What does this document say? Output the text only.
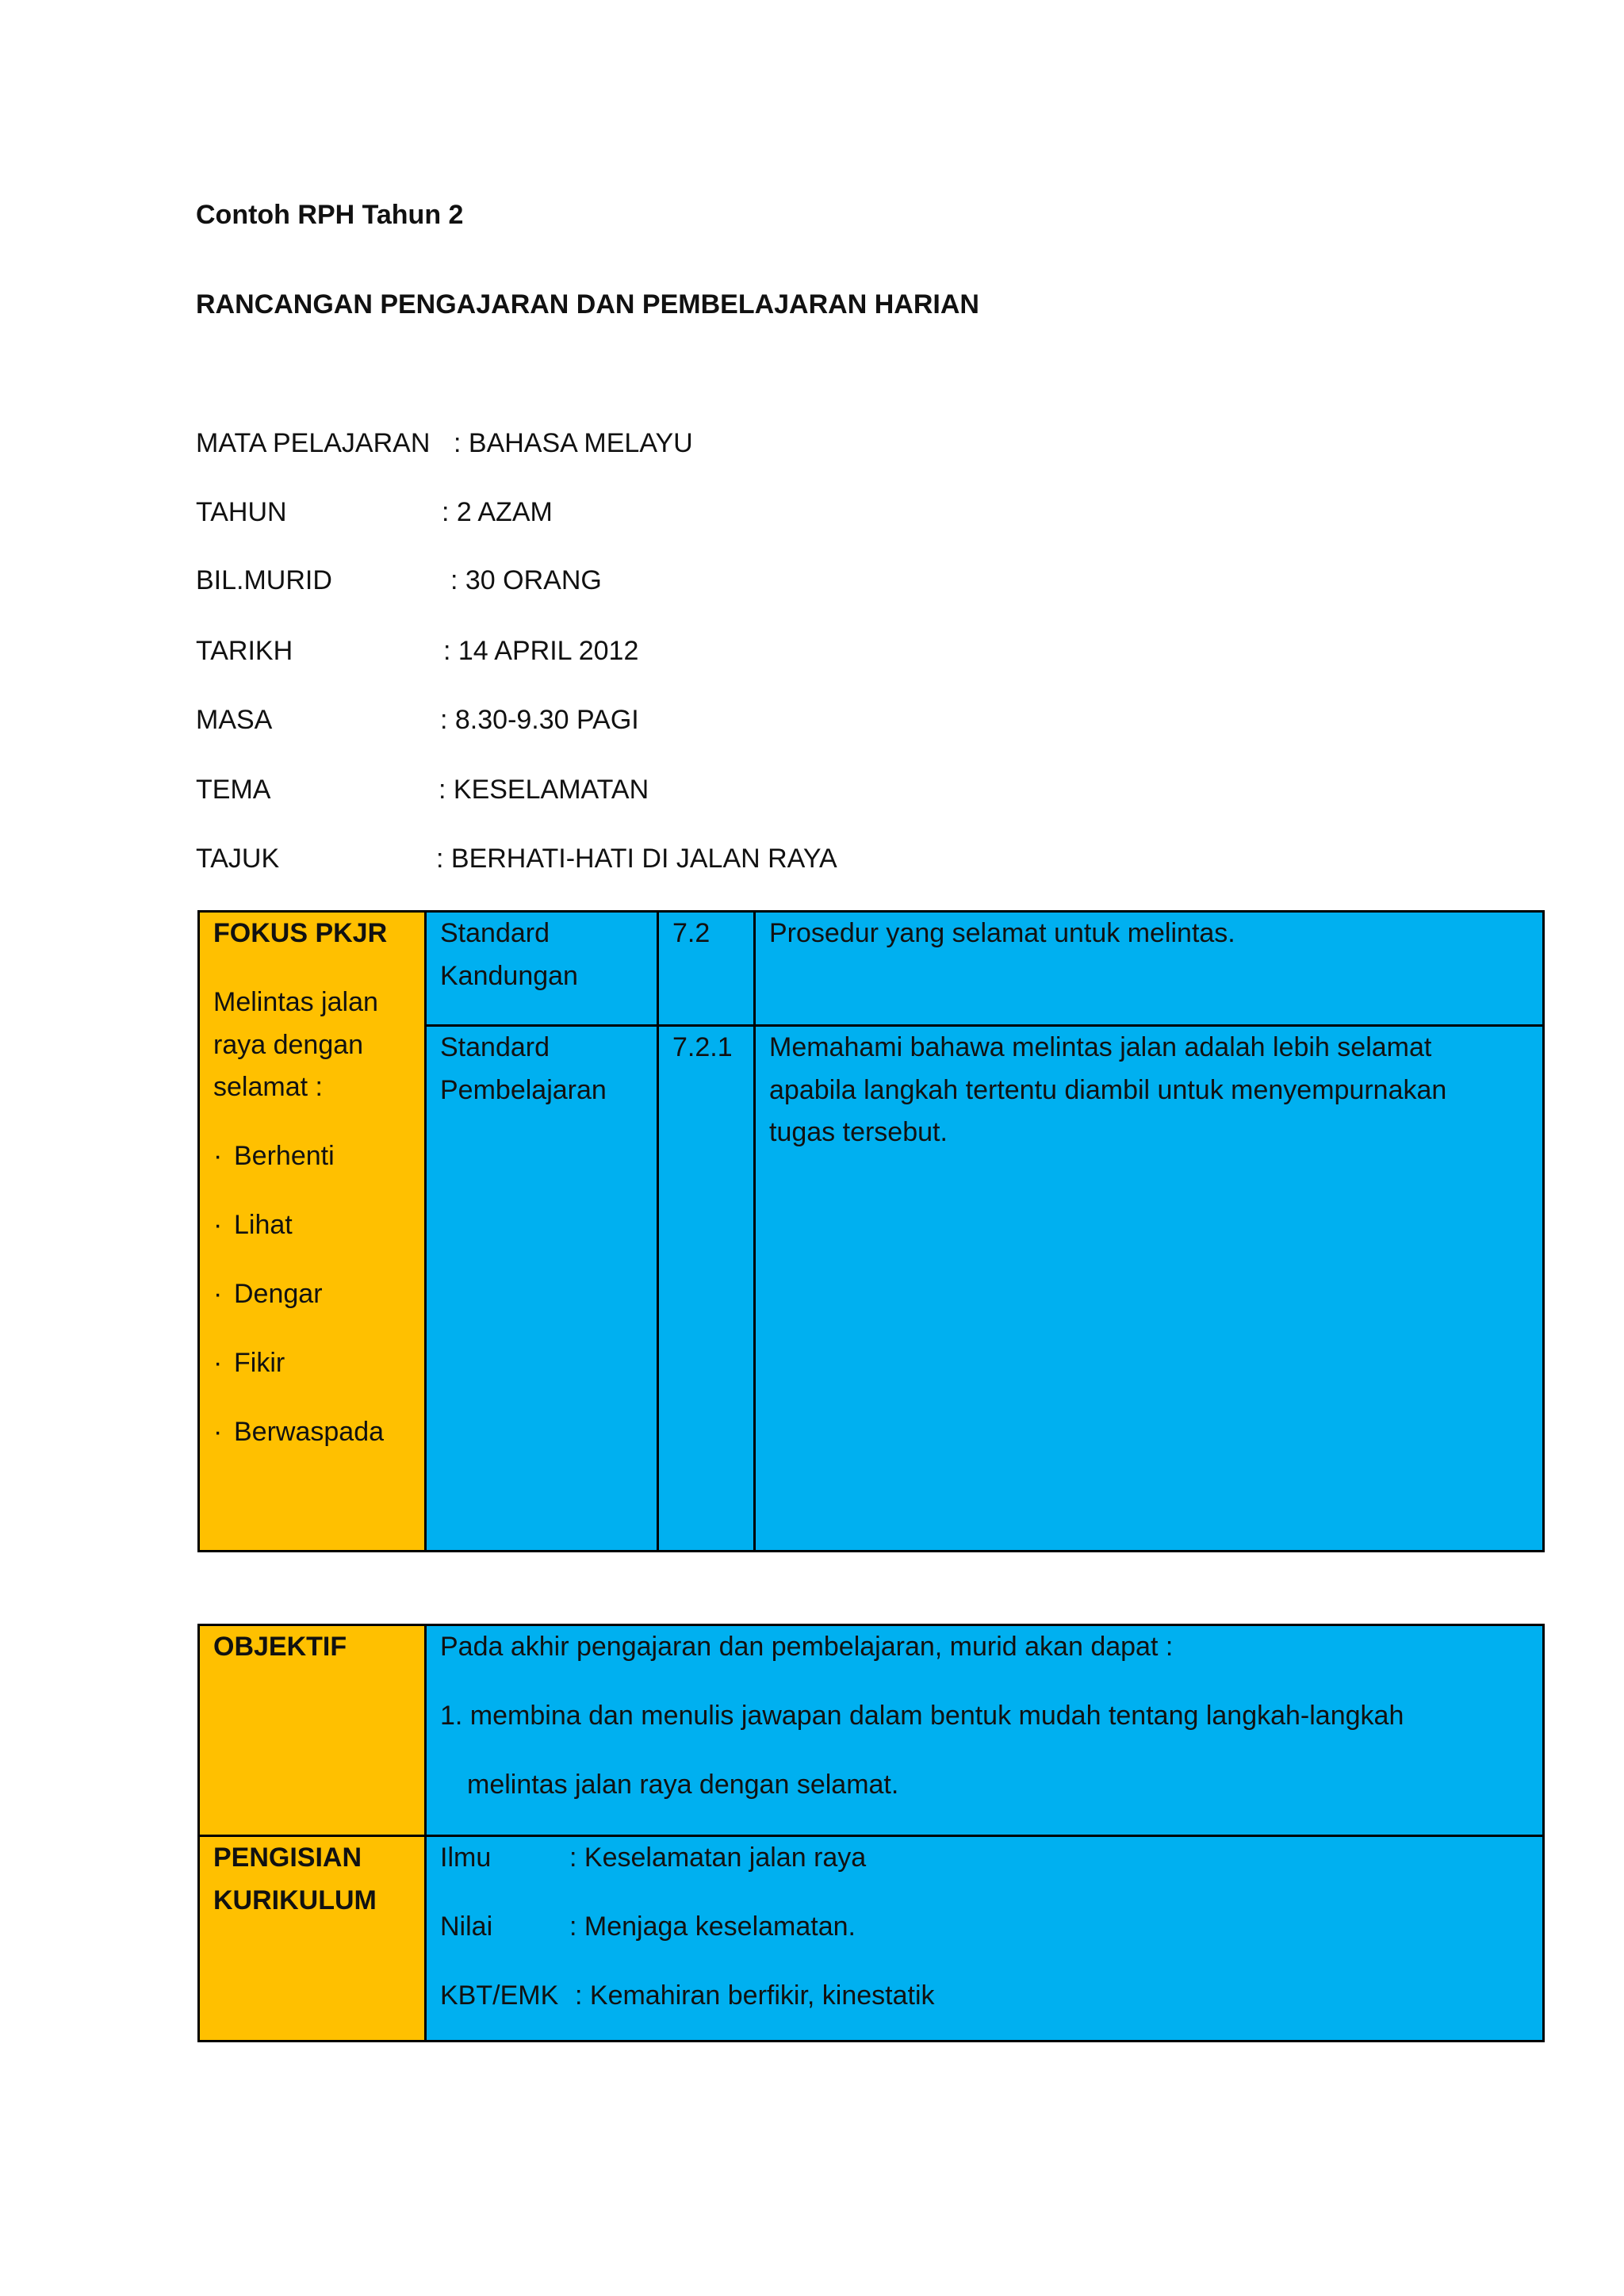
Contoh RPH Tahun 2
RANCANGAN PENGAJARAN DAN PEMBELAJARAN HARIAN
MATA PELAJARAN : BAHASA MELAYU
TAHUN	: 2 AZAM
BIL.MURID	: 30 ORANG
TARIKH	: 14 APRIL 2012
MASA	: 8.30-9.30 PAGI
TEMA	: KESELAMATAN
TAJUK	: BERHATI-HATI DI JALAN RAYA
FOKUS PKJR
Melintas jalan
raya dengan
selamat :
· Berhenti
· Lihat
· Dengar
· Fikir
· Berwaspada
Standard
Kandungan
7.2	Prosedur yang selamat untuk melintas.
Standard
Pembelajaran
7.2.1 Memahami bahawa melintas jalan adalah lebih selamat
apabila langkah tertentu diambil untuk menyempurnakan
tugas tersebut.
OBJEKTIF	Pada akhir pengajaran dan pembelajaran, murid akan dapat :
1. membina dan menulis jawapan dalam bentuk mudah tentang langkah-langkah
melintas jalan raya dengan selamat.
PENGISIAN
KURIKULUM
Ilmu	: Keselamatan jalan raya
Nilai	: Menjaga keselamatan.
KBT/EMK : Kemahiran berfikir, kinestatik
